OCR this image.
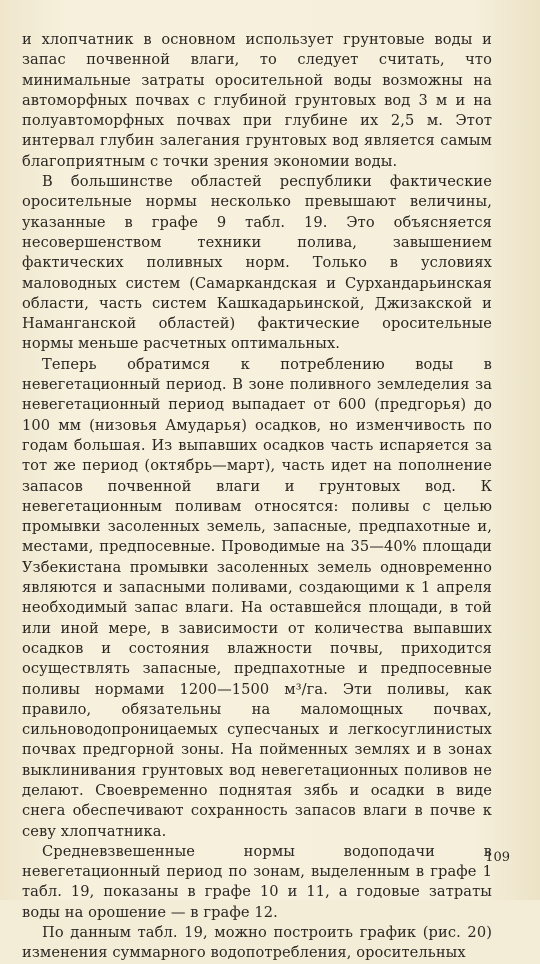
и хлопчатник в основном использует грунтовые воды и запас почвенной влаги, то следует считать, что минимальные затраты оросительной воды возможны на автоморфных почвах с глубиной грунтовых вод 3 м и на полуавтоморфных почвах при глубине их 2,5 м. Этот интервал глубин залегания грунтовых вод является самым благоприятным с точки зрения экономии воды.

В большинстве областей республики фактические оросительные нормы несколько превышают величины, указанные в графе 9 табл. 19. Это объясняется несовершенством техники полива, завышением фактических поливных норм. Только в условиях маловодных систем (Самаркандская и Сурхандарьинская области, часть систем Кашкадарьинской, Джизакской и Наманганской областей) фактические оросительные нормы меньше расчетных оптимальных.

Теперь обратимся к потреблению воды в невегетационный период. В зоне поливного земледелия за невегетационный период выпадает от 600 (предгорья) до 100 мм (низовья Амударья) осадков, но изменчивость по годам большая. Из выпавших осадков часть испаряется за тот же период (октябрь—март), часть идет на пополнение запасов почвенной влаги и грунтовых вод. К невегетационным поливам относятся: поливы с целью промывки засоленных земель, запасные, предпахотные и, местами, предпосевные. Проводимые на 35—40% площади Узбекистана промывки засоленных земель одновременно являются и запасными поливами, создающими к 1 апреля необходимый запас влаги. На оставшейся площади, в той или иной мере, в зависимости от количества выпавших осадков и состояния влажности почвы, приходится осуществлять запасные, предпахотные и предпосевные поливы нормами 1200—1500 м³/га. Эти поливы, как правило, обязательны на маломощных почвах, сильноводопроницаемых супесчаных и легкосуглинистых почвах предгорной зоны. На пойменных землях и в зонах выклинивания грунтовых вод невегетационных поливов не делают. Своевременно поднятая зябь и осадки в виде снега обеспечивают сохранность запасов влаги в почве к севу хлопчатника.

Средневзвешенные нормы водоподачи в невегетационный период по зонам, выделенным в графе 1 табл. 19, показаны в графе 10 и 11, а годовые затраты воды на орошение — в графе 12.

По данным табл. 19, можно построить график (рис. 20) изменения суммарного водопотребления, оросительных

109
